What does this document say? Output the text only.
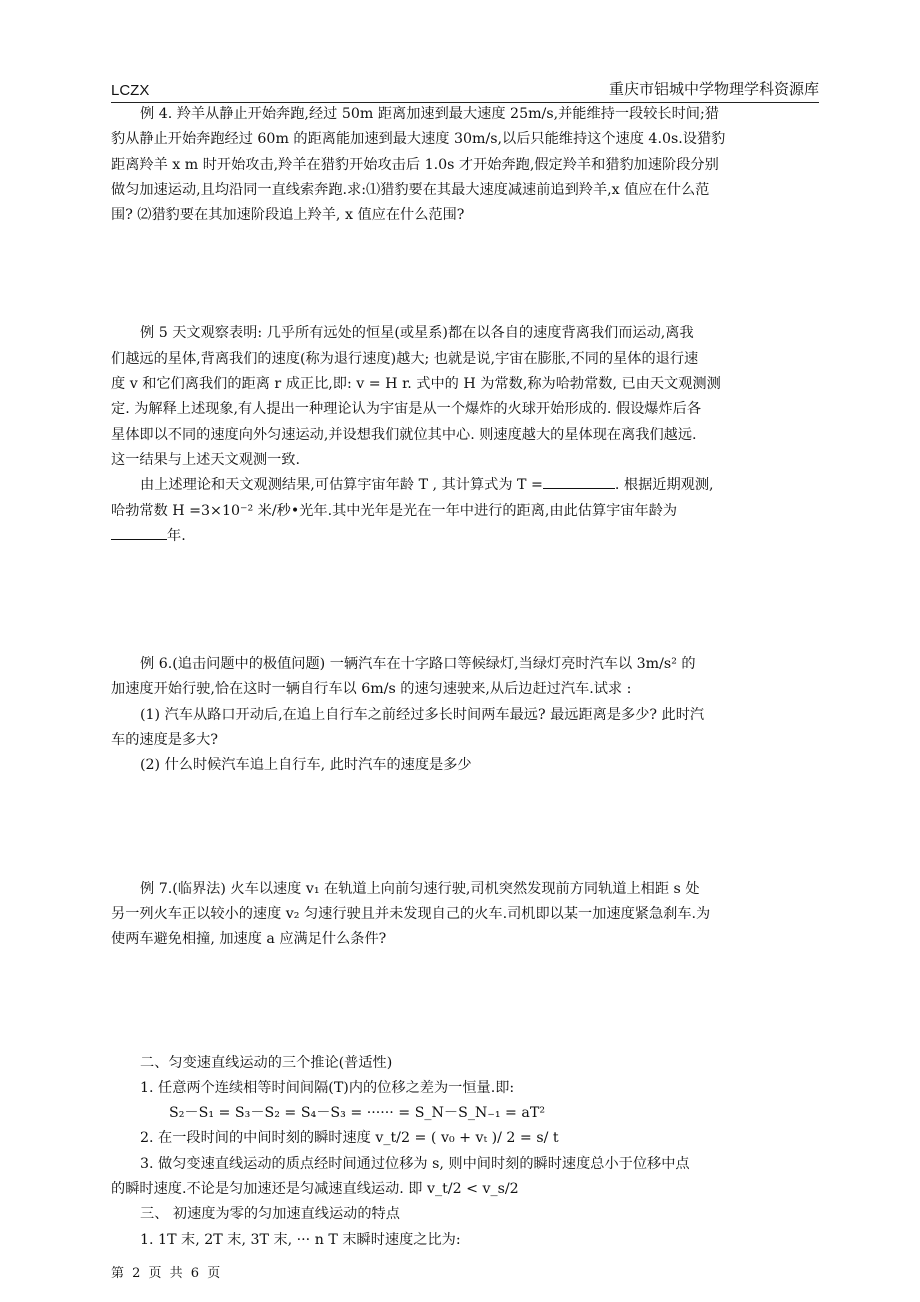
LCZX	重庆市铝城中学物理学科资源库

例 4. 羚羊从静止开始奔跑,经过 50m 距离加速到最大速度 25m/s,并能维持一段较长时间;猎

豹从静止开始奔跑经过 60m 的距离能加速到最大速度 30m/s,以后只能维持这个速度 4.0s.设猎豹

距离羚羊 x m 时开始攻击,羚羊在猎豹开始攻击后 1.0s 才开始奔跑,假定羚羊和猎豹加速阶段分别

做匀加速运动,且均沿同一直线索奔跑.求:⑴猎豹要在其最大速度减速前追到羚羊,x 值应在什么范

围? ⑵猎豹要在其加速阶段追上羚羊, x 值应在什么范围?

例 5 天文观察表明: 几乎所有远处的恒星(或星系)都在以各自的速度背离我们而运动,离我

们越远的星体,背离我们的速度(称为退行速度)越大; 也就是说,宇宙在膨胀,不同的星体的退行速

度 v 和它们离我们的距离 r 成正比,即: v = H r. 式中的 H 为常数,称为哈勃常数, 已由天文观测测

定. 为解释上述现象,有人提出一种理论认为宇宙是从一个爆炸的火球开始形成的. 假设爆炸后各

星体即以不同的速度向外匀速运动,并设想我们就位其中心. 则速度越大的星体现在离我们越远.

这一结果与上述天文观测一致.

由上述理论和天文观测结果,可估算宇宙年龄 T , 其计算式为 T =	. 根据近期观测,

哈勃常数 H =3×10⁻² 米/秒•光年.其中光年是光在一年中进行的距离,由此估算宇宙年龄为

年.

例 6.(追击问题中的极值问题) 一辆汽车在十字路口等候绿灯,当绿灯亮时汽车以 3m/s² 的

加速度开始行驶,恰在这时一辆自行车以 6m/s 的速匀速驶来,从后边赶过汽车.试求 :

(1) 汽车从路口开动后,在追上自行车之前经过多长时间两车最远? 最远距离是多少? 此时汽

车的速度是多大?

(2) 什么时候汽车追上自行车, 此时汽车的速度是多少

例 7.(临界法) 火车以速度 v₁ 在轨道上向前匀速行驶,司机突然发现前方同轨道上相距 s 处

另一列火车正以较小的速度 v₂ 匀速行驶且并未发现自己的火车.司机即以某一加速度紧急刹车.为

使两车避免相撞, 加速度 a 应满足什么条件?

二、匀变速直线运动的三个推论(普适性)

1. 任意两个连续相等时间间隔(T)内的位移之差为一恒量.即:

S₂－S₁ = S₃－S₂ = S₄－S₃ = ······ = S_N－S_N₋₁ = aT²

2. 在一段时间的中间时刻的瞬时速度 v_t/2 = ( v₀ + vₜ )/ 2 = s/ t

3. 做匀变速直线运动的质点经时间通过位移为 s, 则中间时刻的瞬时速度总小于位移中点

的瞬时速度.不论是匀加速还是匀减速直线运动. 即 v_t/2 < v_s/2

三、 初速度为零的匀加速直线运动的特点

1. 1T 末, 2T 末, 3T 末, ··· n T 末瞬时速度之比为:

第 2 页 共 6 页
